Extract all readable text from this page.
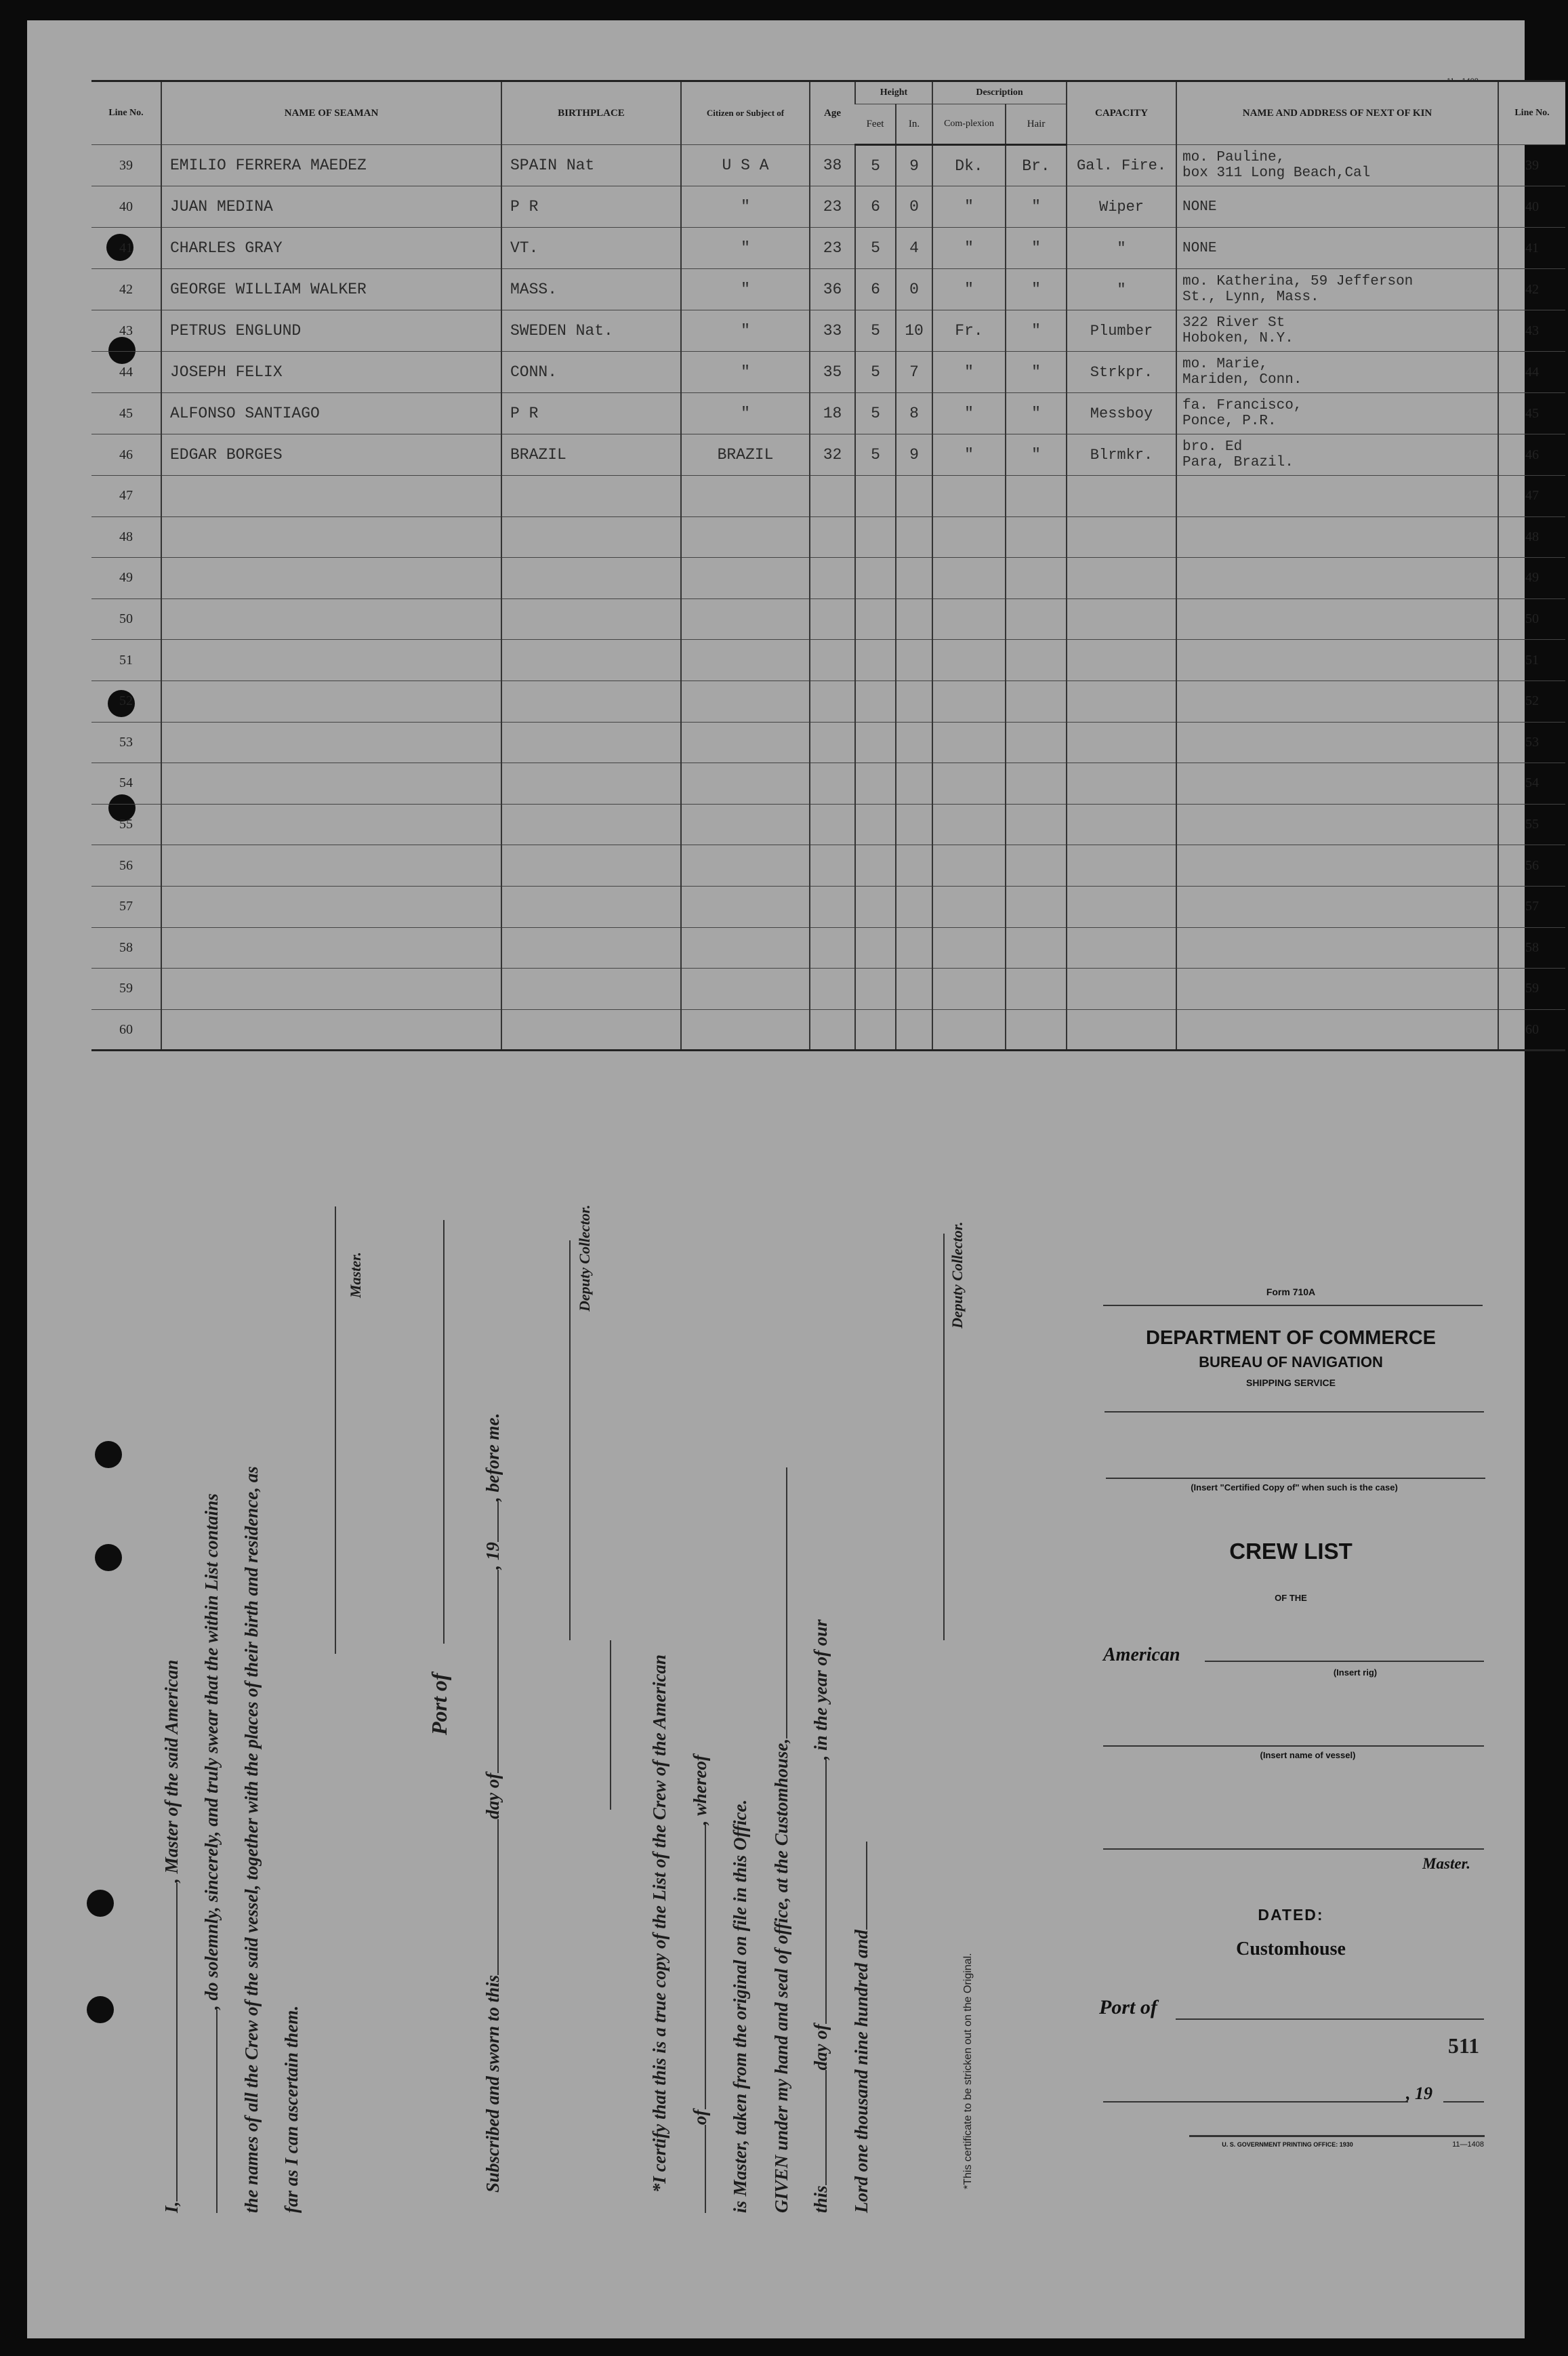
Line No.	NAME OF SEAMAN	BIRTHPLACE	Citizen or Subject of	Age	Height		Description		CAPACITY	NAME AND ADDRESS OF NEXT OF KIN	Line No.
					Feet	In.	Com-plexion	Hair			
39	EMILIO FERRERA MAEDEZ	SPAIN Nat	U S A	38	5	9	Dk.	Br.	Gal. Fire.	mo. Pauline,
box 311 Long Beach,Cal	39
40	JUAN MEDINA	P R	"	23	6	0	"	"	Wiper	NONE	40
41	CHARLES GRAY	VT.	"	23	5	4	"	"	"	NONE	41
42	GEORGE WILLIAM WALKER	MASS.	"	36	6	0	"	"	"	mo. Katherina, 59 Jefferson
St., Lynn, Mass.	42
43	PETRUS ENGLUND	SWEDEN Nat.	"	33	5	10	Fr.	"	Plumber	322 River St
Hoboken, N.Y.	43
44	JOSEPH FELIX	CONN.	"	35	5	7	"	"	Strkpr.	mo. Marie,
Mariden, Conn.	44
45	ALFONSO SANTIAGO	P R	"	18	5	8	"	"	Messboy	fa. Francisco,
Ponce, P.R.	45
46	EDGAR BORGES	BRAZIL	BRAZIL	32	5	9	"	"	Blrmkr.	bro. Ed
Para, Brazil.	46
47											47
48											48
49											49
50											50
51											51
52											52
53											53
54											54
55											55
56											56
57											57
58											58
59											59
60											60
I,, Master of the said American , do solemnly, sincerely, and truly swear that the within List contains the names of all the Crew of the said vessel, together with the places of their birth and residence, as far as I can ascertain them.
Master.
Port of
Subscribed and sworn to thisday of, 19, before me.
Deputy Collector.
*I certify that this is a true copy of the List of the Crew of the American of, whereof
is Master, taken from the original on file in this Office. GIVEN under my hand and seal of office, at the Customhouse, thisday of, in the year of our
Lord one thousand nine hundred and
Deputy Collector.
*This certificate to be stricken out on the Original.
Form 710A
DEPARTMENT OF COMMERCE
BUREAU OF NAVIGATION
SHIPPING SERVICE
(Insert "Certified Copy of" when such is the case)
CREW LIST
OF THE
American
(Insert rig)
(Insert name of vessel)
Master.
DATED:
Customhouse
Port of
511
, 19
U. S. GOVERNMENT PRINTING OFFICE: 1930	11—1408
